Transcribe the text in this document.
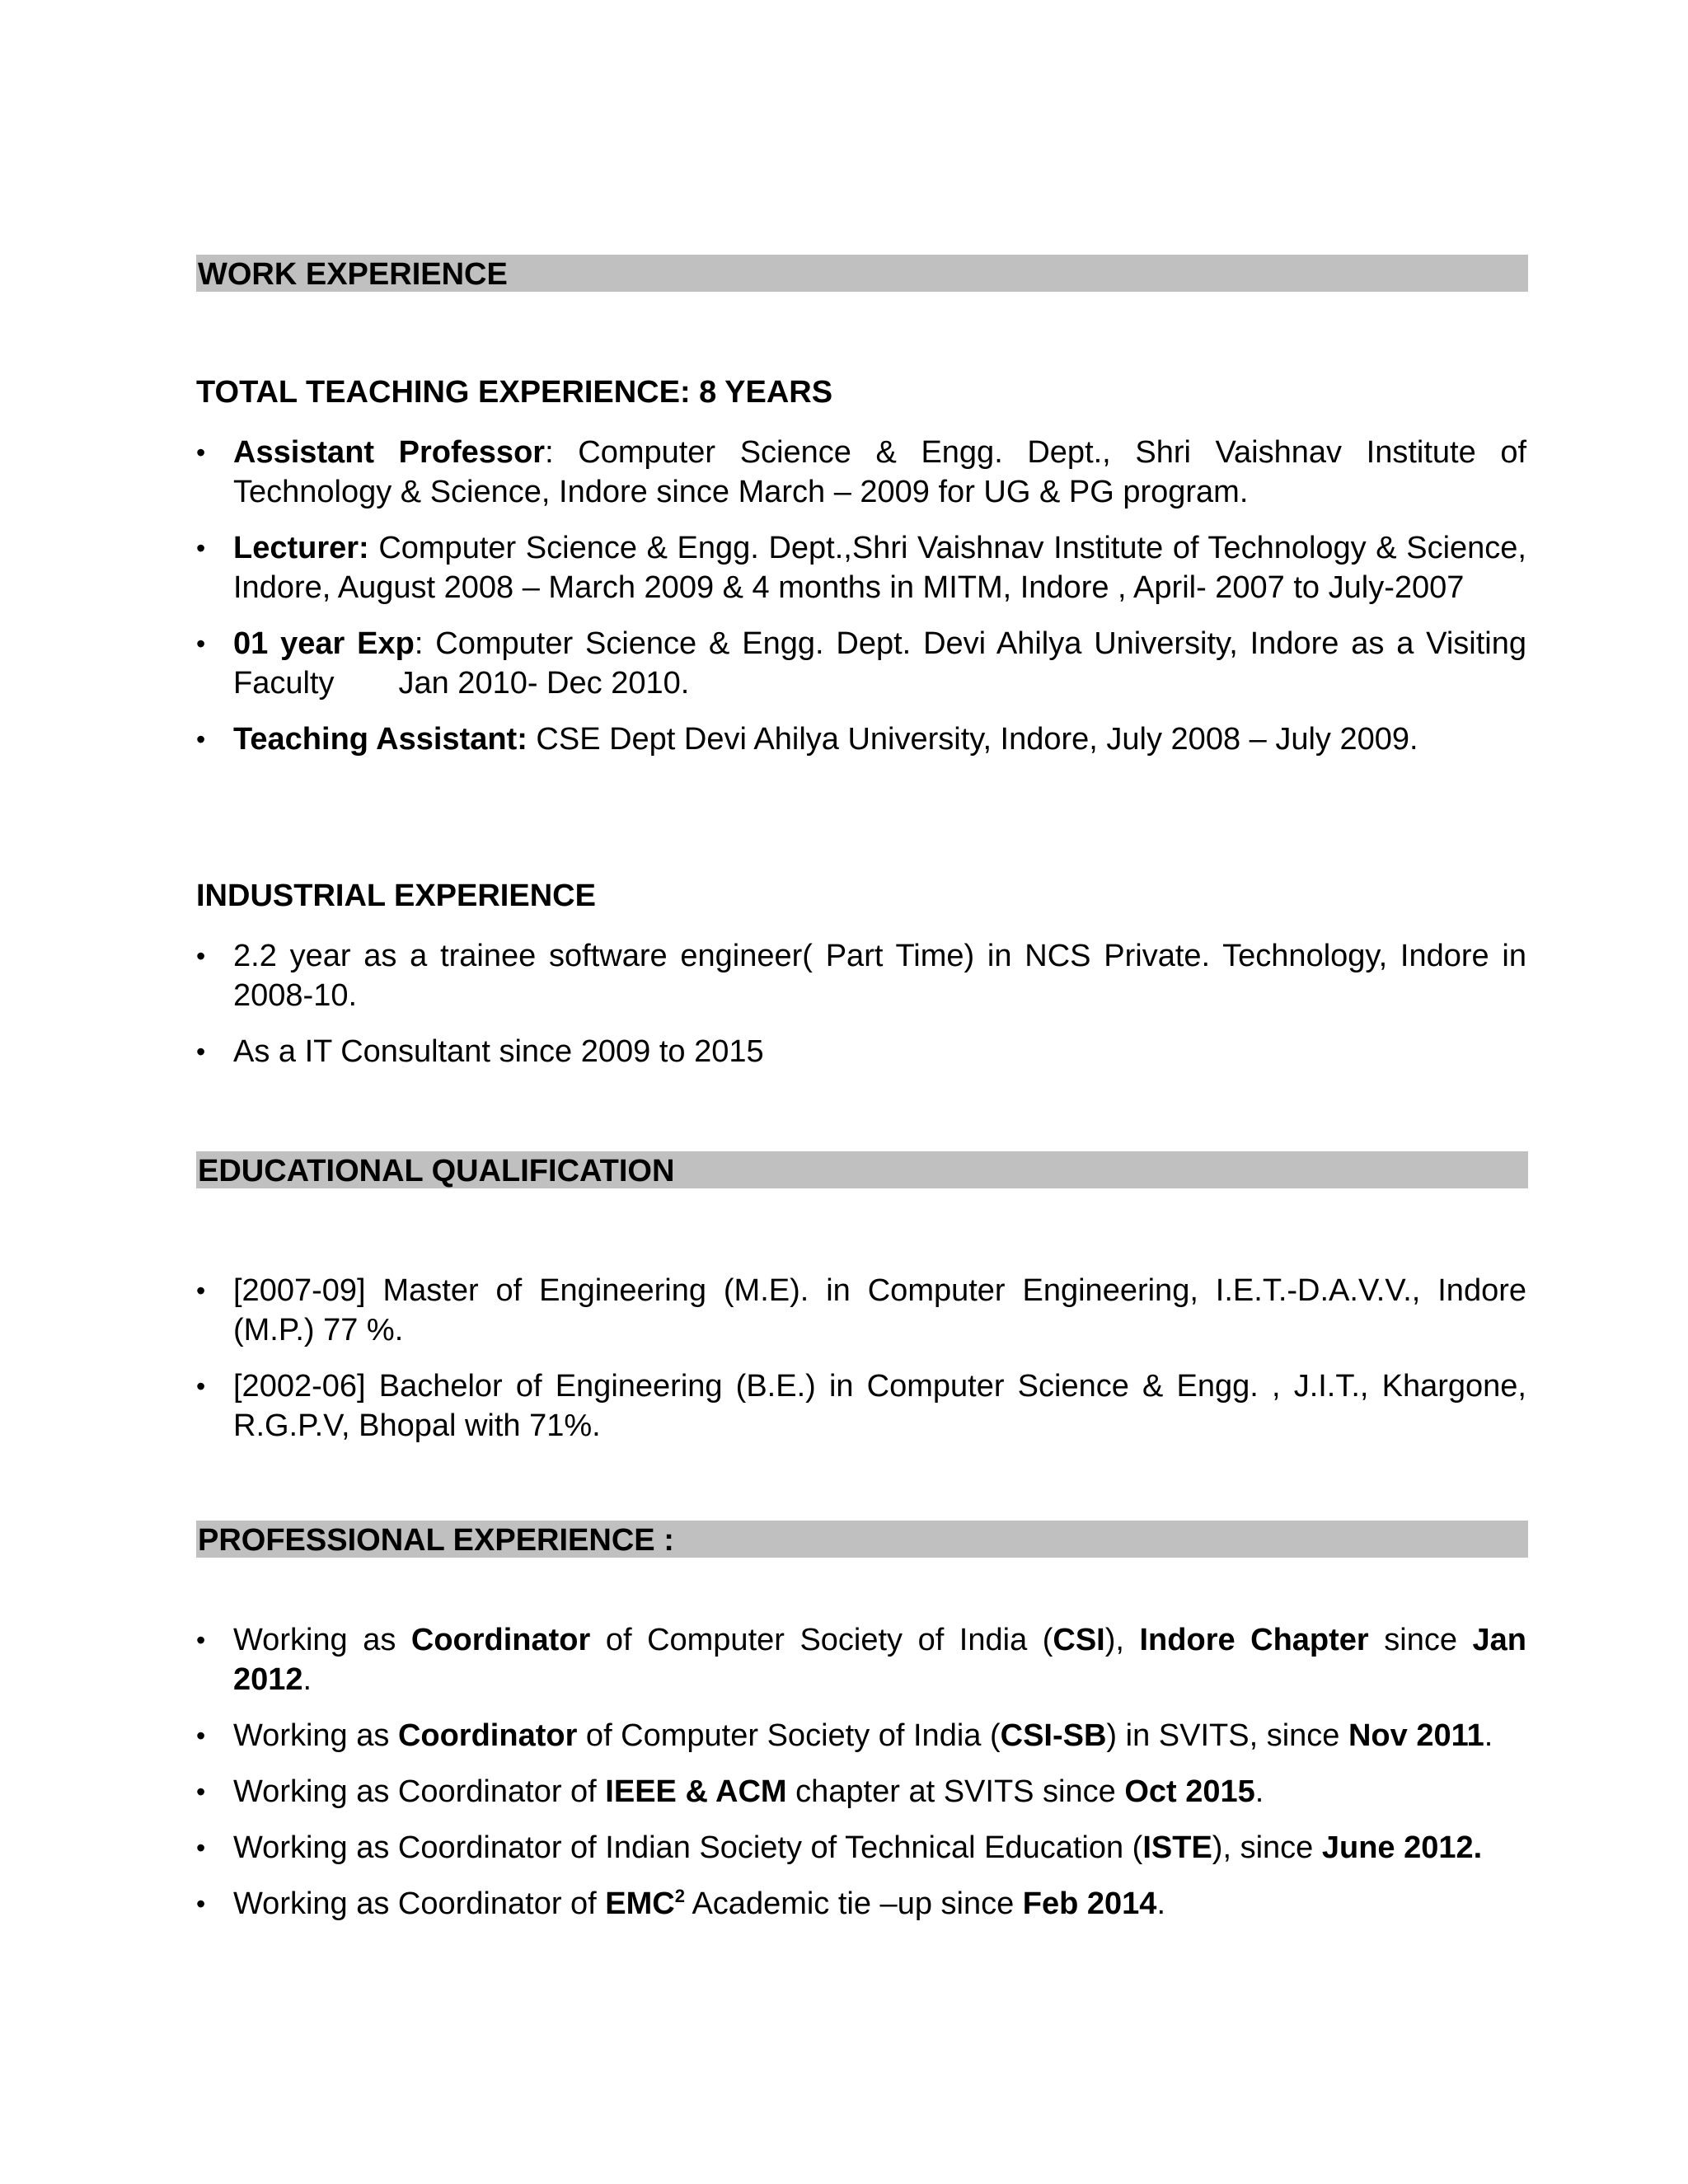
WORK EXPERIENCE
TOTAL TEACHING EXPERIENCE: 8 YEARS
• Assistant Professor: Computer Science & Engg. Dept., Shri Vaishnav Institute of Technology & Science, Indore since March – 2009 for UG & PG program.
• Lecturer: Computer Science & Engg. Dept.,Shri Vaishnav Institute of Technology & Science, Indore, August 2008 – March 2009 & 4 months in MITM, Indore , April- 2007 to July-2007
• 01 year Exp: Computer Science & Engg. Dept. Devi Ahilya University, Indore as a Visiting Faculty Jan 2010- Dec 2010.
• Teaching Assistant: CSE Dept Devi Ahilya University, Indore, July 2008 – July 2009.
INDUSTRIAL EXPERIENCE
• 2.2 year as a trainee software engineer( Part Time) in NCS Private. Technology, Indore in 2008-10.
• As a IT Consultant since 2009 to 2015
EDUCATIONAL QUALIFICATION
• [2007-09] Master of Engineering (M.E). in Computer Engineering, I.E.T.-D.A.V.V., Indore (M.P.) 77 %.
• [2002-06] Bachelor of Engineering (B.E.) in Computer Science & Engg. , J.I.T., Khargone, R.G.P.V, Bhopal with 71%.
PROFESSIONAL EXPERIENCE :
• Working as Coordinator of Computer Society of India (CSI), Indore Chapter since Jan 2012.
• Working as Coordinator of Computer Society of India (CSI-SB) in SVITS, since Nov 2011.
• Working as Coordinator of IEEE & ACM chapter at SVITS since Oct 2015.
• Working as Coordinator of Indian Society of Technical Education (ISTE), since June 2012.
• Working as Coordinator of EMC$^2$ Academic tie –up since Feb 2014.
